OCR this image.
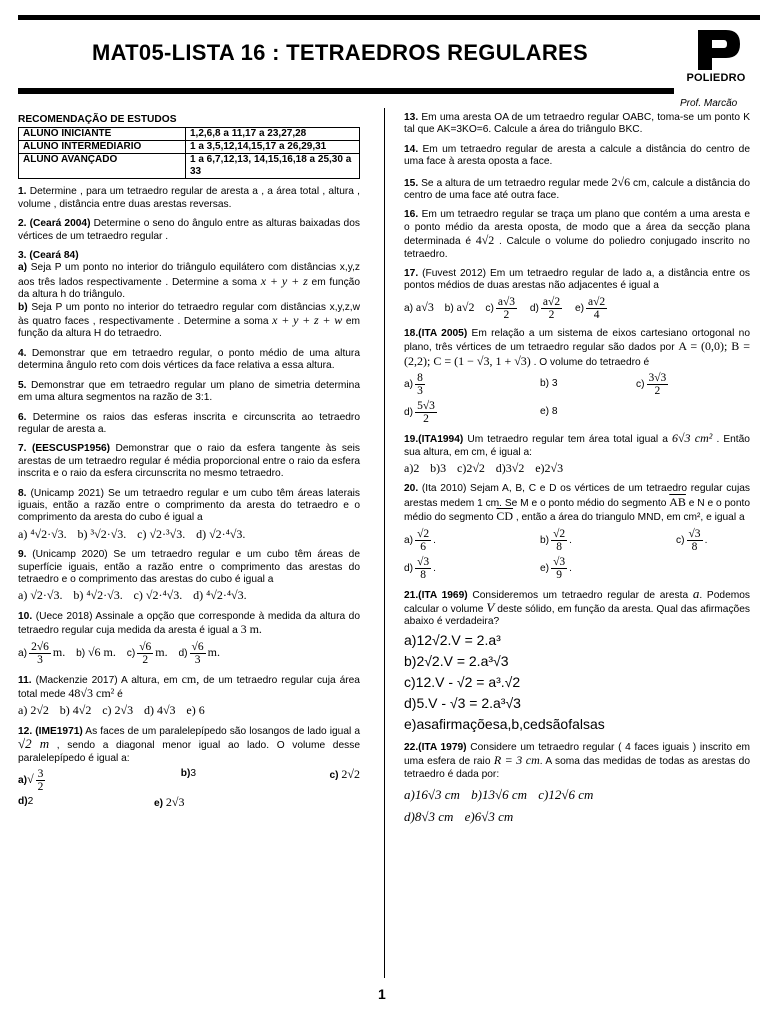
MAT05-LISTA 16 : TETRAEDROS REGULARES
POLIEDRO
Prof. Marcão
RECOMENDAÇÃO DE ESTUDOS
ALUNO INICIANTE	1,2,6,8 a 11,17 a 23,27,28
ALUNO INTERMEDIARIO	1 a 3,5,12,14,15,17 a 26,29,31
ALUNO AVANÇADO	1 a 6,7,12,13, 14,15,16,18 a 25,30 a 33
1. Determine , para um tetraedro regular de aresta a , a área total , altura , volume , distância entre duas arestas reversas.
2. (Ceará 2004) Determine o seno do ângulo entre as alturas baixadas dos vértices de um tetraedro regular .
3. (Ceará 84)
a) Seja P um ponto no interior do triângulo equilátero com distâncias x,y,z aos três lados respectivamente . Determine a soma x + y + z em função da altura h do triângulo.
b) Seja P um ponto no interior do tetraedro regular com distâncias x,y,z,w às quatro faces , respectivamente . Determine a soma x + y + z + w em função da altura H do tetraedro.
4. Demonstrar que em tetraedro regular, o ponto médio de uma altura determina ângulo reto com dois vértices da face relativa a essa altura.
5. Demonstrar que em tetraedro regular um plano de simetria determina em uma altura segmentos na razão de 3:1.
6. Determine os raios das esferas inscrita e circunscrita ao tetraedro regular de aresta a.
7. (EESCUSP1956) Demonstrar que o raio da esfera tangente às seis arestas de um tetraedro regular é média proporcional entre o raio da esfera inscrita e o raio da esfera circunscrita no mesmo tetraedro.
8. (Unicamp 2021) Se um tetraedro regular e um cubo têm áreas laterais iguais, então a razão entre o comprimento da aresta do tetraedro e o comprimento da aresta do cubo é igual a
a) ⁴√2·√3. b) ³√2·√3. c) √2·³√3. d) √2·⁴√3.
9. (Unicamp 2020) Se um tetraedro regular e um cubo têm áreas de superfície iguais, então a razão entre o comprimento das arestas do tetraedro e o comprimento das arestas do cubo é igual a
a) √2·√3. b) ⁴√2·√3. c) √2·⁴√3. d) ⁴√2·⁴√3.
10. (Uece 2018) Assinale a opção que corresponde à medida da altura do tetraedro regular cuja medida da aresta é igual a 3 m.
$a) \frac{2√6}{3} m$. b) √6 m. $c) \frac{√6}{2} m$. $d) \frac{√6}{3} m$.
11. (Mackenzie 2017) A altura, em cm, de um tetraedro regular cuja área total mede 48√3 cm² é
a) 2√2 b) 4√2 c) 2√3 d) 4√3 e) 6
12. (IME1971) As faces de um paralelepípedo são losangos de lado igual a √2 m , sendo a diagonal menor igual ao lado. O volume desse paralelepípedo é igual a:
$a)√ \frac{3}{2}$	b)3	c) 2√2
d)2	e) 2√3
13. Em uma aresta OA de um tetraedro regular OABC, toma-se um ponto K tal que AK=3KO=6. Calcule a área do triângulo BKC.
14. Em um tetraedro regular de aresta a calcule a distância do centro de uma face à aresta oposta a face.
15. Se a altura de um tetraedro regular mede 2√6 cm, calcule a distância do centro de uma face até outra face.
16. Em um tetraedro regular se traça um plano que contém a uma aresta e o ponto médio da aresta oposta, de modo que a área da secção plana determinada é 4√2 . Calcule o volume do poliedro conjugado inscrito no tetraedro.
17. (Fuvest 2012) Em um tetraedro regular de lado a, a distância entre os pontos médios de duas arestas não adjacentes é igual a
a) a√3 b) a√2 $c) \frac{a√3}{2} d) \frac{a√2}{2} e) \frac{a√2}{4}$
18.(ITA 2005) Em relação a um sistema de eixos cartesiano ortogonal no plano, três vértices de um tetraedro regular são dados por A = (0,0); B = (2,2); C = (1 − √3, 1 + √3) . O volume do tetraedro é
$a) \frac{8}{3}$	b) 3	$c) \frac{3√3}{2}$
$d) \frac{5√3}{2}$	e) 8
19.(ITA1994) Um tetraedro regular tem área total igual a 6√3 cm² . Então sua altura, em cm, é igual a:
a)2 b)3 c)2√2 d)3√2 e)2√3
20. (Ita 2010) Sejam A, B, C e D os vértices de um tetraedro regular cujas arestas medem 1 cm. Se M e o ponto médio do segmento $\overline{AB}$ e N e o ponto médio do segmento $\overline{CD}$ , então a área do triangulo MND, em cm², e igual a
$a) \frac{√2}{6}$ .	$b) \frac{√2}{8}$ .	$c) \frac{√3}{8}$ .
$d) \frac{√3}{8}$ .	$e) \frac{√3}{9}$ .
21.(ITA 1969) Consideremos um tetraedro regular de aresta a. Podemos calcular o volume V deste sólido, em função da aresta. Qual das afirmações abaixo é verdadeira?
a)12√2.V = 2.a³
b)2√2.V = 2.a³√3
c)12.V - √2 = a³.√2
d)5.V - √3 = 2.a³√3
e)asafirmaçõesa,b,cedsãofalsas
22.(ITA 1979) Considere um tetraedro regular ( 4 faces iguais ) inscrito em uma esfera de raio R = 3 cm. A soma das medidas de todas as arestas do tetraedro é dada por:
a)16√3 cm b)13√6 cm c)12√6 cm
d)8√3 cm e)6√3 cm
1
